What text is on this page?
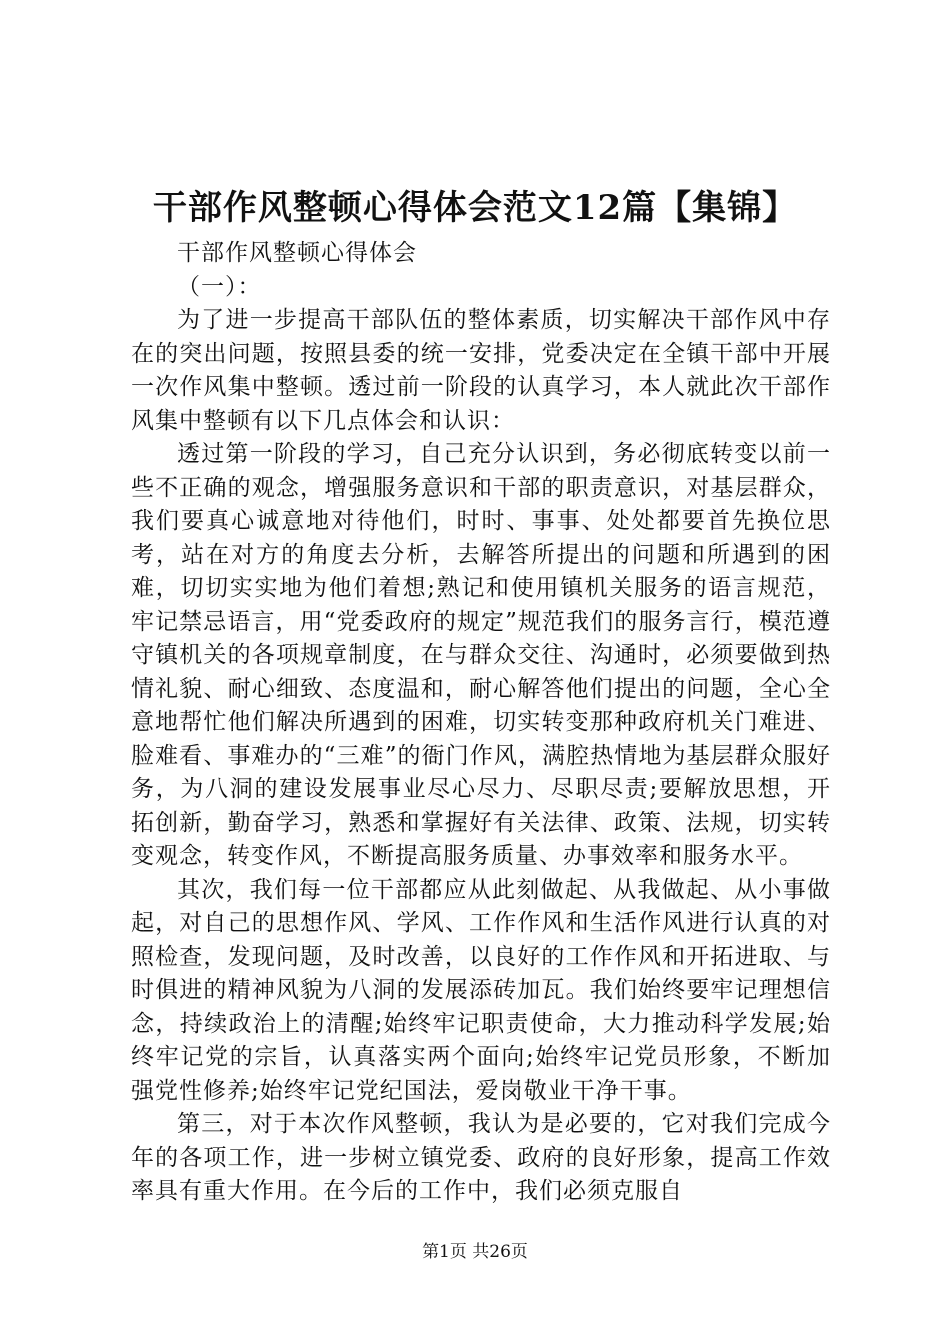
干部作风整顿心得体会范文12篇【集锦】

干部作风整顿心得体会

（一）：

为了进一步提高干部队伍的整体素质，切实解决干部作风中存在的突出问题，按照县委的统一安排，党委决定在全镇干部中开展一次作风集中整顿。透过前一阶段的认真学习，本人就此次干部作风集中整顿有以下几点体会和认识：

透过第一阶段的学习，自己充分认识到，务必彻底转变以前一些不正确的观念，增强服务意识和干部的职责意识，对基层群众，我们要真心诚意地对待他们，时时、事事、处处都要首先换位思考，站在对方的角度去分析，去解答所提出的问题和所遇到的困难，切切实实地为他们着想;熟记和使用镇机关服务的语言规范，牢记禁忌语言，用“党委政府的规定”规范我们的服务言行，模范遵守镇机关的各项规章制度，在与群众交往、沟通时，必须要做到热情礼貌、耐心细致、态度温和，耐心解答他们提出的问题，全心全意地帮忙他们解决所遇到的困难，切实转变那种政府机关门难进、脸难看、事难办的“三难”的衙门作风，满腔热情地为基层群众服好务，为八洞的建设发展事业尽心尽力、尽职尽责;要解放思想，开拓创新，勤奋学习，熟悉和掌握好有关法律、政策、法规，切实转变观念，转变作风，不断提高服务质量、办事效率和服务水平。

其次，我们每一位干部都应从此刻做起、从我做起、从小事做起，对自己的思想作风、学风、工作作风和生活作风进行认真的对照检查，发现问题，及时改善，以良好的工作作风和开拓进取、与时俱进的精神风貌为八洞的发展添砖加瓦。我们始终要牢记理想信念，持续政治上的清醒;始终牢记职责使命，大力推动科学发展;始终牢记党的宗旨，认真落实两个面向;始终牢记党员形象，不断加强党性修养;始终牢记党纪国法，爱岗敬业干净干事。

第三，对于本次作风整顿，我认为是必要的，它对我们完成今年的各项工作，进一步树立镇党委、政府的良好形象，提高工作效率具有重大作用。在今后的工作中，我们必须克服自

第1页 共26页
